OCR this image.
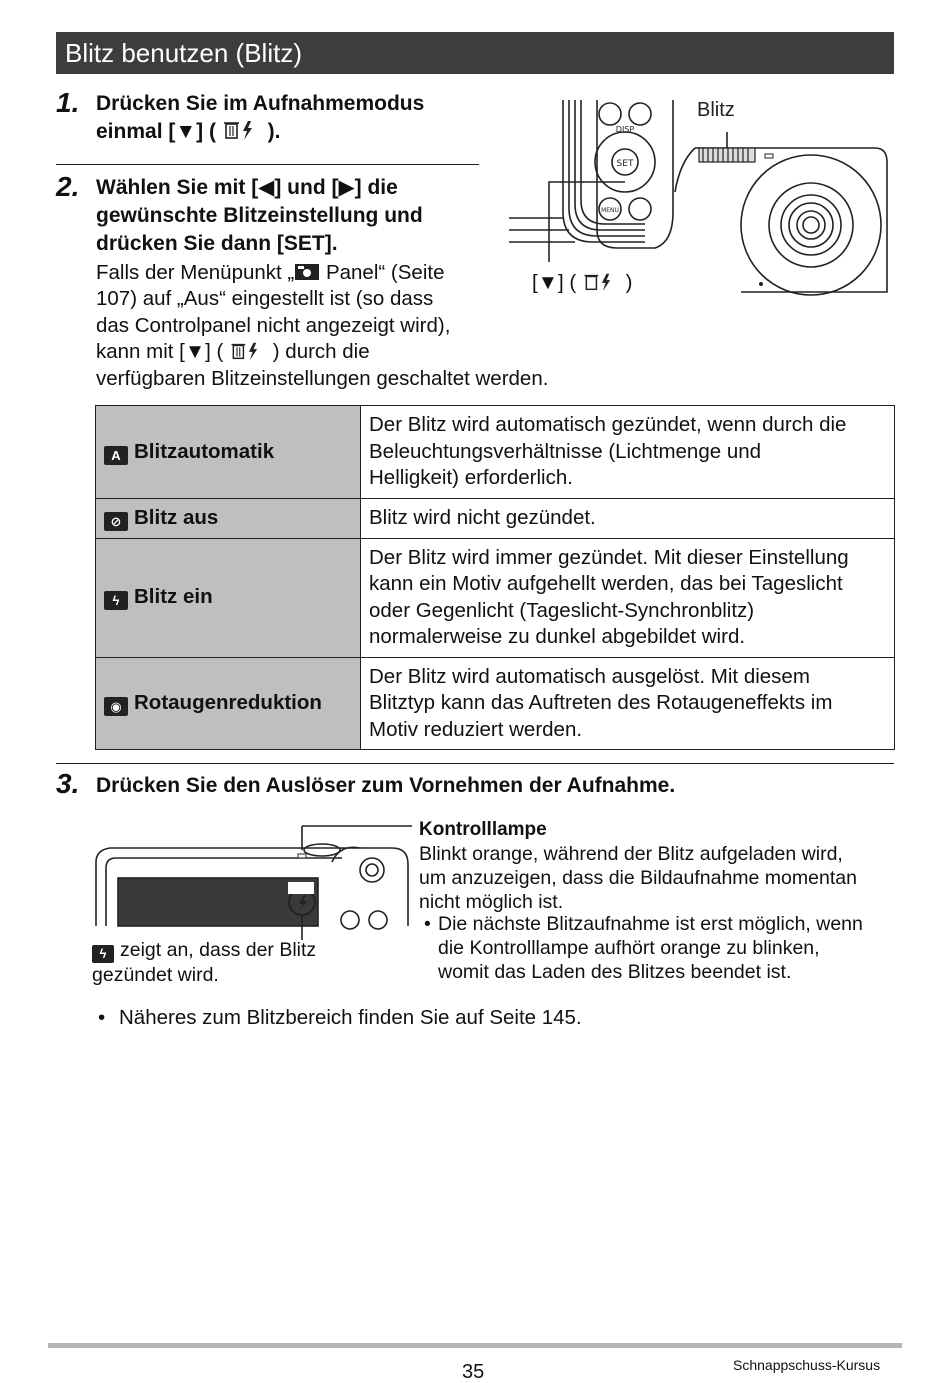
Blitz benutzen (Blitz)
1. Drücken Sie im Aufnahmemodus
einmal [▼] ( ).
2. Wählen Sie mit [◀] und [▶] die
gewünschte Blitzeinstellung und
drücken Sie dann [SET].
Falls der Menüpunkt „ Panel“ (Seite
107) auf „Aus“ eingestellt ist (so dass
das Controlpanel nicht angezeigt wird),
kann mit [▼] ( ) durch die
verfügbaren Blitzeinstellungen geschaltet werden.
SET
DISP
MENU
Blitz
[▼] ( )
A Blitzautomatik	Der Blitz wird automatisch gezündet, wenn durch die
Beleuchtungsverhältnisse (Lichtmenge und
Helligkeit) erforderlich.

⊘ Blitz aus	Blitz wird nicht gezündet.

ϟ Blitz ein	Der Blitz wird immer gezündet. Mit dieser Einstellung
kann ein Motiv aufgehellt werden, das bei Tageslicht
oder Gegenlicht (Tageslicht-Synchronblitz)
normalerweise zu dunkel abgebildet wird.

◉ Rotaugenreduktion	Der Blitz wird automatisch ausgelöst. Mit diesem
Blitztyp kann das Auftreten des Rotaugeneffekts im
Motiv reduziert werden.
3. Drücken Sie den Auslöser zum Vornehmen der Aufnahme.
Kontrolllampe
Blinkt orange, während der Blitz aufgeladen wird,
um anzuzeigen, dass die Bildaufnahme momentan
nicht möglich ist.
• Die nächste Blitzaufnahme ist erst möglich, wenn
die Kontrolllampe aufhört orange zu blinken,
womit das Laden des Blitzes beendet ist.
ϟ zeigt an, dass der Blitz
gezündet wird.
• Näheres zum Blitzbereich finden Sie auf Seite 145.
35	Schnappschuss-Kursus
